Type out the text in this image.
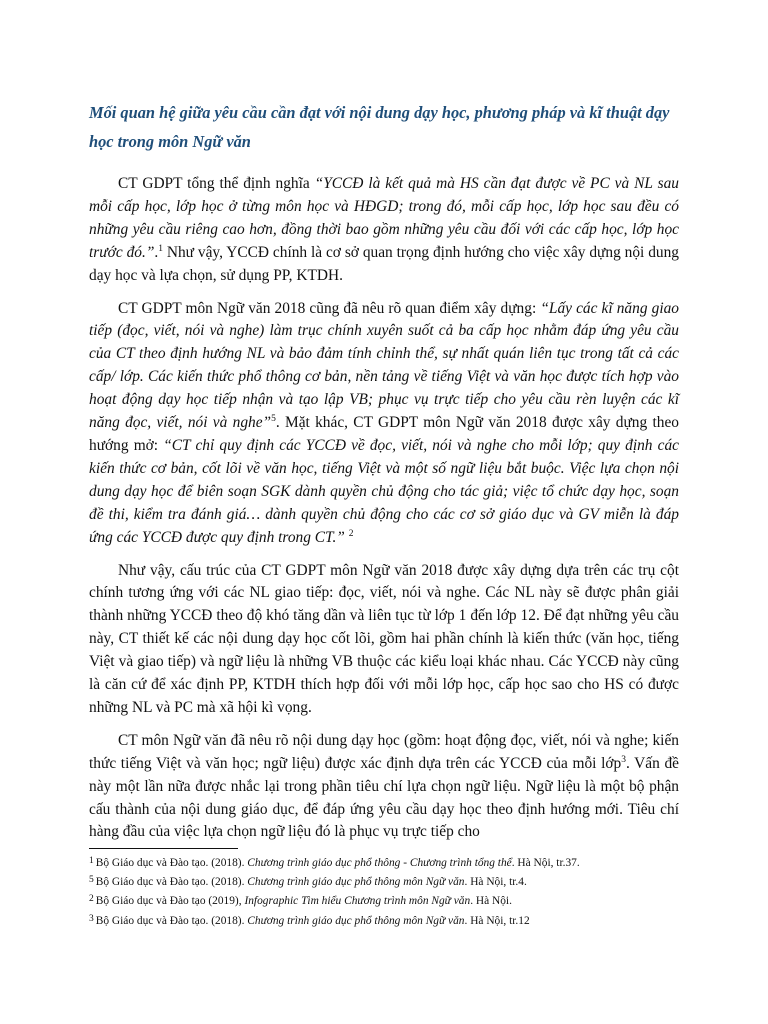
Mối quan hệ giữa yêu cầu cần đạt với nội dung dạy học, phương pháp và kĩ thuật dạy học trong môn Ngữ văn

CT GDPT tổng thể định nghĩa “YCCĐ là kết quả mà HS cần đạt được về PC và NL sau mỗi cấp học, lớp học ở từng môn học và HĐGD; trong đó, mỗi cấp học, lớp học sau đều có những yêu cầu riêng cao hơn, đồng thời bao gồm những yêu cầu đối với các cấp học, lớp học trước đó.”.$^1$ Như vậy, YCCĐ chính là cơ sở quan trọng định hướng cho việc xây dựng nội dung dạy học và lựa chọn, sử dụng PP, KTDH.

CT GDPT môn Ngữ văn 2018 cũng đã nêu rõ quan điểm xây dựng: “Lấy các kĩ năng giao tiếp (đọc, viết, nói và nghe) làm trục chính xuyên suốt cả ba cấp học nhằm đáp ứng yêu cầu của CT theo định hướng NL và bảo đảm tính chỉnh thể, sự nhất quán liên tục trong tất cả các cấp/ lớp. Các kiến thức phổ thông cơ bản, nền tảng về tiếng Việt và văn học được tích hợp vào hoạt động dạy học tiếp nhận và tạo lập VB; phục vụ trực tiếp cho yêu cầu rèn luyện các kĩ năng đọc, viết, nói và nghe”$^5$. Mặt khác, CT GDPT môn Ngữ văn 2018 được xây dựng theo hướng mở: “CT chỉ quy định các YCCĐ về đọc, viết, nói và nghe cho mỗi lớp; quy định các kiến thức cơ bản, cốt lõi về văn học, tiếng Việt và một số ngữ liệu bắt buộc. Việc lựa chọn nội dung dạy học để biên soạn SGK dành quyền chủ động cho tác giả; việc tổ chức dạy học, soạn đề thi, kiểm tra đánh giá… dành quyền chủ động cho các cơ sở giáo dục và GV miễn là đáp ứng các YCCĐ được quy định trong CT.” $^2$

Như vậy, cấu trúc của CT GDPT môn Ngữ văn 2018 được xây dựng dựa trên các trụ cột chính tương ứng với các NL giao tiếp: đọc, viết, nói và nghe. Các NL này sẽ được phân giải thành những YCCĐ theo độ khó tăng dần và liên tục từ lớp 1 đến lớp 12. Để đạt những yêu cầu này, CT thiết kế các nội dung dạy học cốt lõi, gồm hai phần chính là kiến thức (văn học, tiếng Việt và giao tiếp) và ngữ liệu là những VB thuộc các kiểu loại khác nhau. Các YCCĐ này cũng là căn cứ để xác định PP, KTDH thích hợp đối với mỗi lớp học, cấp học sao cho HS có được những NL và PC mà xã hội kì vọng.

CT môn Ngữ văn đã nêu rõ nội dung dạy học (gồm: hoạt động đọc, viết, nói và nghe; kiến thức tiếng Việt và văn học; ngữ liệu) được xác định dựa trên các YCCĐ của mỗi lớp$^3$. Vấn đề này một lần nữa được nhắc lại trong phần tiêu chí lựa chọn ngữ liệu. Ngữ liệu là một bộ phận cấu thành của nội dung giáo dục, để đáp ứng yêu cầu dạy học theo định hướng mới. Tiêu chí hàng đầu của việc lựa chọn ngữ liệu đó là phục vụ trực tiếp cho

$^1$ Bộ Giáo dục và Đào tạo. (2018). Chương trình giáo dục phổ thông - Chương trình tổng thể. Hà Nội, tr.37.
$^5$ Bộ Giáo dục và Đào tạo. (2018). Chương trình giáo dục phổ thông môn Ngữ văn. Hà Nội, tr.4.
$^2$ Bộ Giáo dục và Đào tạo (2019), Infographic Tìm hiểu Chương trình môn Ngữ văn. Hà Nội.
$^3$ Bộ Giáo dục và Đào tạo. (2018). Chương trình giáo dục phổ thông môn Ngữ văn. Hà Nội, tr.12
